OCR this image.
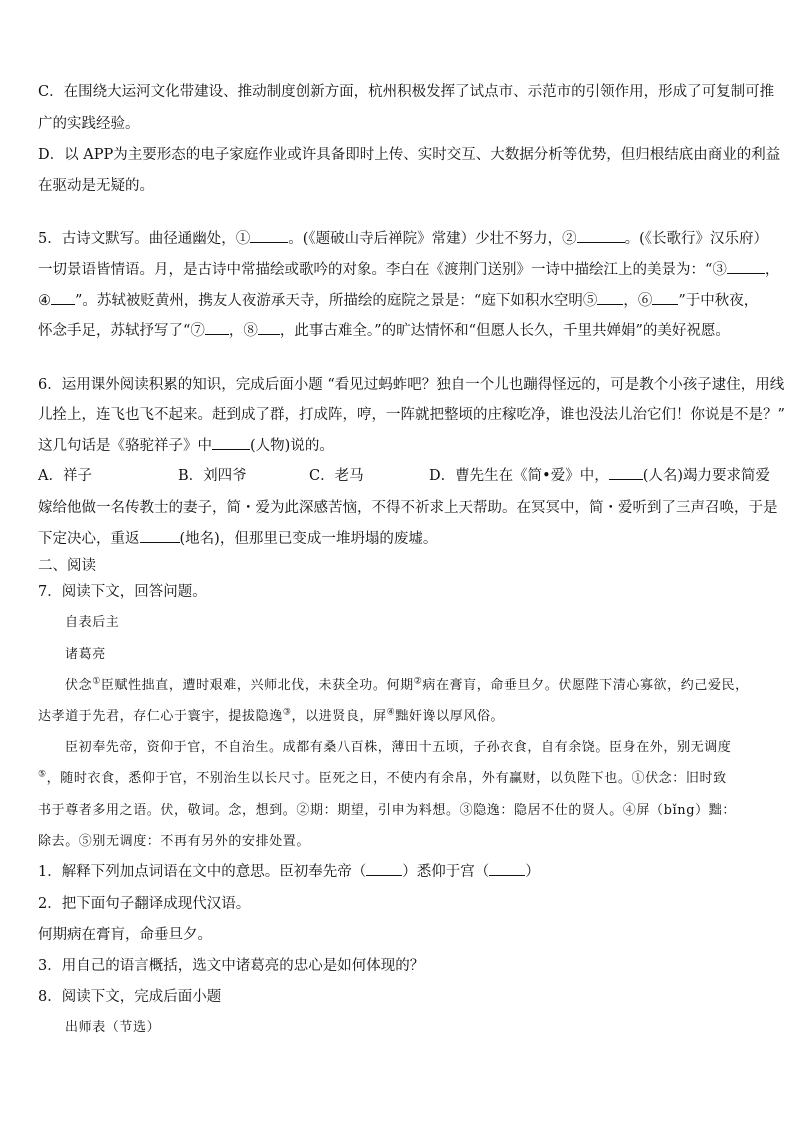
C．在围绕大运河文化带建设、推动制度创新方面，杭州积极发挥了试点市、示范市的引领作用，形成了可复制可推
广的实践经验。
D．以 APP为主要形态的电子家庭作业或许具备即时上传、实时交互、大数据分析等优势，但归根结底由商业的利益
在驱动是无疑的。
5．古诗文默写。曲径通幽处，①	。(《题破山寺后禅院》常建）少壮不努力，②	。(《长歌行》汉乐府）
一切景语皆情语。月，是古诗中常描绘或歌吟的对象。李白在《渡荆门送别》一诗中描绘江上的美景为：“③	，
④ ”。苏轼被贬黄州，携友人夜游承天寺，所描绘的庭院之景是：“庭下如积水空明⑤ ，⑥ ”于中秋夜，
怀念手足，苏轼抒写了“⑦ ，⑧ ，此事古难全。”的旷达情怀和“但愿人长久，千里共婵娟”的美好祝愿。
6．运用课外阅读积累的知识，完成后面小题 “看见过蚂蚱吧？独自一个儿也蹦得怪远的，可是教个小孩子逮住，用线
儿拴上，连飞也飞不起来。赶到成了群，打成阵，哼，一阵就把整顷的庄稼吃净，谁也没法儿治它们！你说是不是？”
这几句话是《骆驼祥子》中	(人物)说的。
A．祥子	B．刘四爷	C．老马	D．曹先生在《简•爱》中， (人名)竭力要求简爱
嫁给他做一名传教士的妻子，简・爱为此深感苦恼，不得不祈求上天帮助。在冥冥中，简・爱听到了三声召唤，于是
下定决心，重返	(地名)，但那里已变成一堆坍塌的废墟。
二、阅读
7．阅读下文，回答问题。
自表后主
诸葛亮
伏念①臣赋性拙直，遭时艰难，兴师北伐，未获全功。何期②病在膏肓，命垂旦夕。伏愿陛下清心寡欲，约己爱民，
达孝道于先君，存仁心于寰宇，提拔隐逸③，以进贤良，屏④黜奸谗以厚风俗。
臣初奉先帝，资仰于官，不自治生。成都有桑八百株，薄田十五顷，子孙衣食，自有余饶。臣身在外，别无调度
⑤，随时衣食，悉仰于官，不别治生以长尺寸。臣死之日，不使内有余帛，外有赢财，以负陛下也。①伏念：旧时致
书于尊者多用之语。伏，敬词。念，想到。②期：期望，引申为料想。③隐逸：隐居不仕的贤人。④屏（bǐng）黜：
除去。⑤别无调度：不再有另外的安排处置。
1．解释下列加点词语在文中的意思。臣初奉先帝（ ）悉仰于宫（ ）
2．把下面句子翻译成现代汉语。
何期病在膏肓，命垂旦夕。
3．用自己的语言概括，选文中诸葛亮的忠心是如何体现的？
8．阅读下文，完成后面小题
出师表（节选）
